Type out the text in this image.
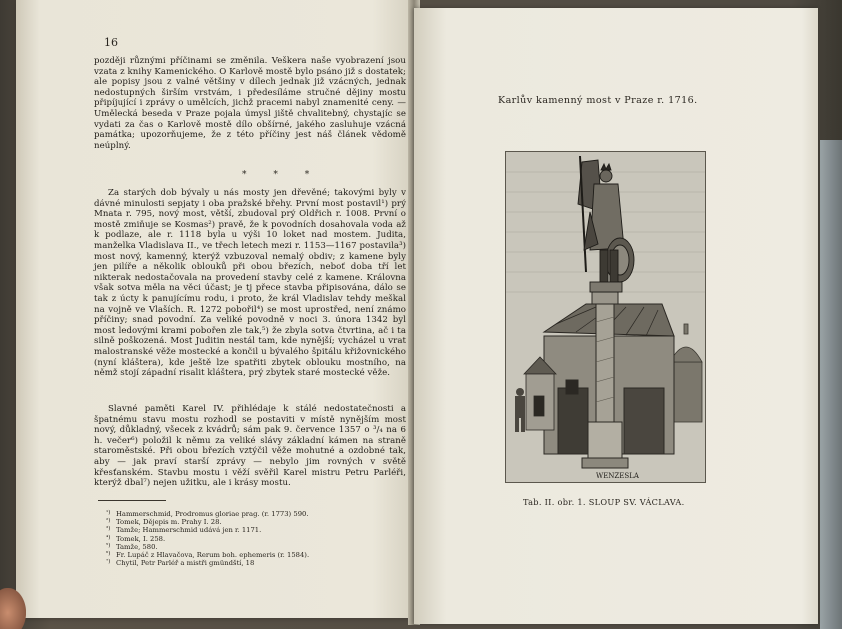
16

později různými příčinami se změnila. Veškera naše vyobrazení jsou vzata z knihy Kamenického. O Karlově mostě bylo psáno již s dostatek; ale popisy jsou z valné většiny v dílech jednak již vzácných, jednak nedostupných širším vrstvám, i předesíláme stručné dějiny mostu připíjující i zprávy o umělcích, jichž pracemi nabyl znamenité ceny. — Umělecká beseda v Praze pojala úmysl jiště chvalitebný, chystajíc se vydati za čas o Karlově mostě dílo obšírné, jakého zasluhuje vzácná památka; upozorňujeme, že z této příčiny jest náš článek vědomě neúplný.

* * *

Za starých dob bývaly u nás mosty jen dřevěné; takovými byly v dávné minulosti sepjaty i oba pražské břehy. První most postavil¹) prý Mnata r. 795, nový most, větší, zbudoval prý Oldřich r. 1008. První o mostě zmiňuje se Kosmas²) pravě, že k povodních dosahovala voda až k podlaze, ale r. 1118 byla u výši 10 loket nad mostem. Judita, manželka Vladislava II., ve třech letech mezi r. 1153—1167 postavila³) most nový, kamenný, kterýž vzbuzoval nemalý obdiv; z kamene byly jen pilíře a několik oblouků při obou březích, neboť doba tří let nikterak nedostačovala na provedení stavby celé z kamene. Královna však sotva měla na věci účast; je tj přece stavba připisována, dálo se tak z úcty k panujícímu rodu, i proto, že král Vladislav tehdy meškal na vojně ve Vlaších. R. 1272 pobořil⁴) se most uprostřed, není známo příčiny; snad povodní. Za veliké povodně v noci 3. února 1342 byl most ledovými krami pobořen zle tak,⁵) že zbyla sotva čtvrtina, ač i ta silně poškozená. Most Juditin nestál tam, kde nynější; vycházel u vrat malostranské věže mostecké a končil u bývalého špitálu křižovnického (nyní kláštera), kde ještě lze spatřiti zbytek oblouku mostního, na němž stojí západní risalit kláštera, prý zbytek staré mostecké věže.

Slavné paměti Karel IV. přihlédaje k stálé nedostatečnosti a špatnému stavu mostu rozhodl se postaviti v místě nynějším most nový, důkladný, všecek z kvádrů; sám pak 9. července 1357 o ³/₄ na 6 h. večer⁶) položil k němu za veliké slávy základní kámen na straně staroměstské. Při obou březích vztýčil věže mohutné a ozdobné tak, aby — jak praví starší zprávy — nebylo jim rovných v světě křesťanském. Stavbu mostu i věží svěřil Karel mistru Petru Parléři, kterýž dbal⁷) nejen užitku, ale i krásy mostu.

¹) Hammerschmid, Prodromus gloriae prag. (r. 1773) 590.
²) Tomek, Dějepis m. Prahy I. 28.
³) Tamže; Hammerschmid udává jen r. 1171.
⁴) Tomek, I. 258.
⁵) Tamže, 580.
⁶) Fr. Lupáč z Hlavačova, Rerum boh. ephemeris (r. 1584).
⁷) Chytil, Petr Parléř a mistři gmündští, 18
Karlův kamenný most v Praze r. 1716.
WENZESLA
Tab. II. obr. 1. SLOUP SV. VÁCLAVA.
